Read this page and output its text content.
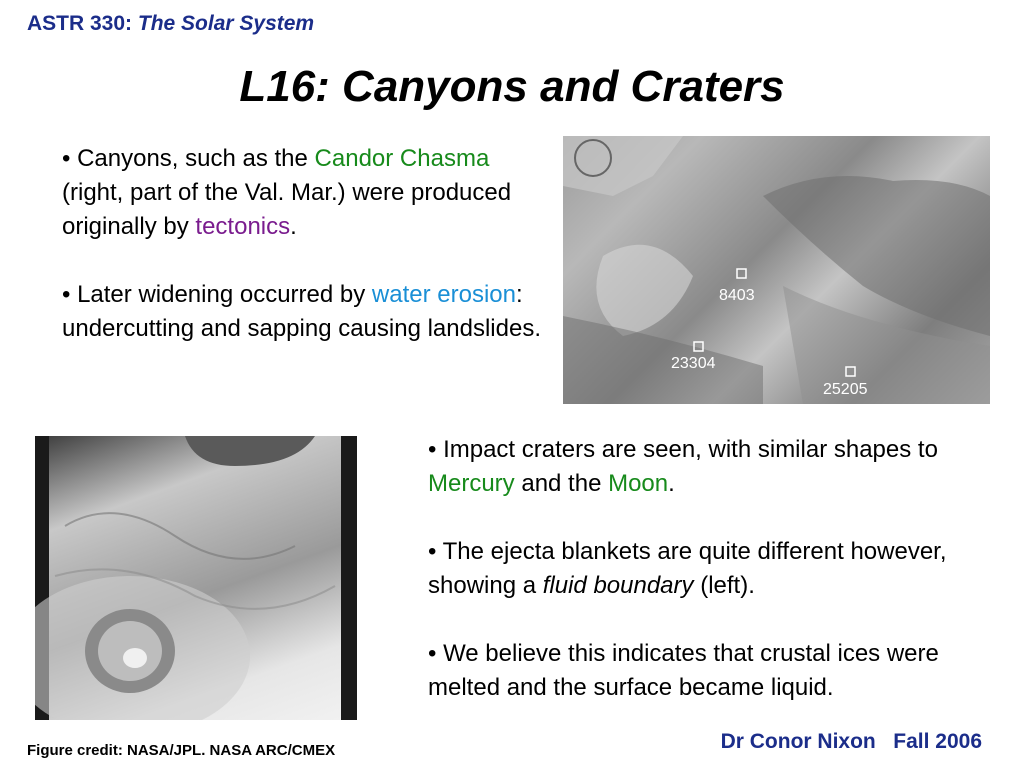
ASTR 330: The Solar System
L16: Canyons and Craters

• Canyons, such as the Candor Chasma (right, part of the Val. Mar.) were produced originally by tectonics.

• Later widening occurred by water erosion: undercutting and sapping causing landslides.

8403
23304
25205

• Impact craters are seen, with similar shapes to Mercury and the Moon.

• The ejecta blankets are quite different however, showing a fluid boundary (left).

• We believe this indicates that crustal ices were melted and the surface became liquid.

Figure credit: NASA/JPL. NASA ARC/CMEX	Dr Conor Nixon Fall 2006
